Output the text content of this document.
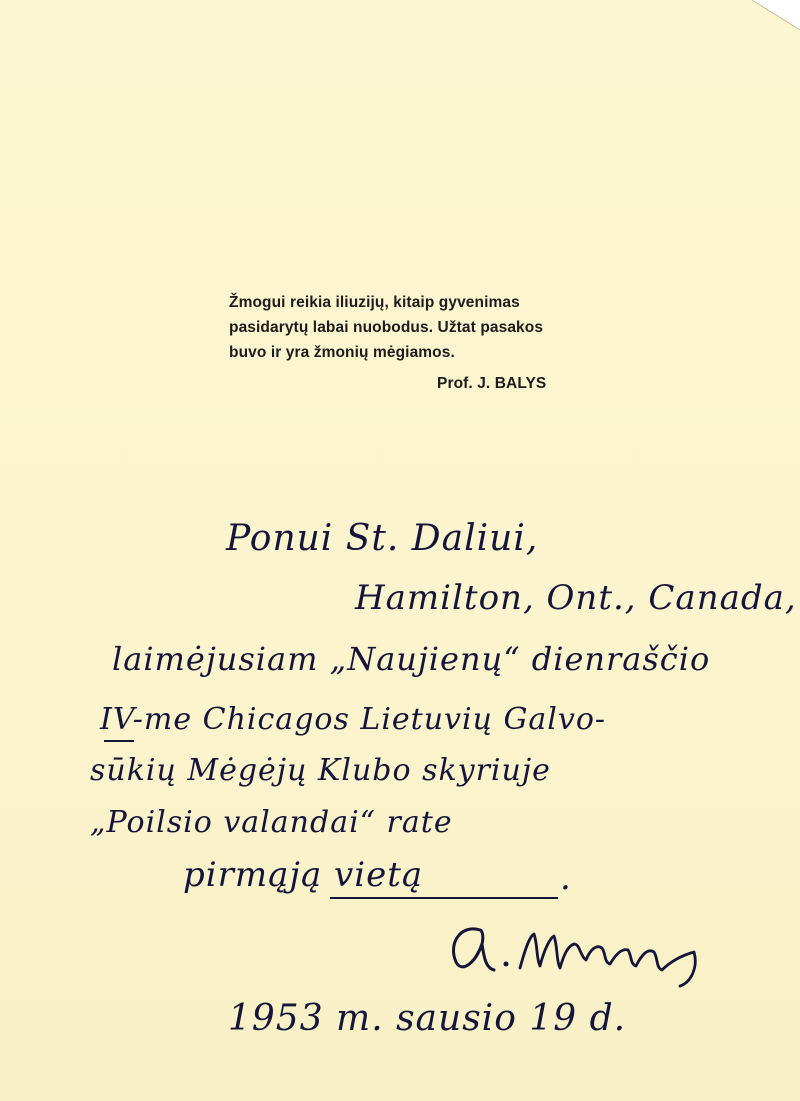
Žmogui reikia iliuzijų, kitaip gyvenimas
pasidarytų labai nuobodus. Užtat pasakos
buvo ir yra žmonių mėgiamos.
Prof. J. BALYS
Ponui St. Daliui,
Hamilton, Ont., Canada,
laimėjusiam „Naujienų“ dienraščio
IV-me Chicagos Lietuvių Galvo-
sūkių Mėgėjų Klubo skyriuje
„Poilsio valandai“ rate
pirmąją vietą	.
1953 m. sausio 19 d.
